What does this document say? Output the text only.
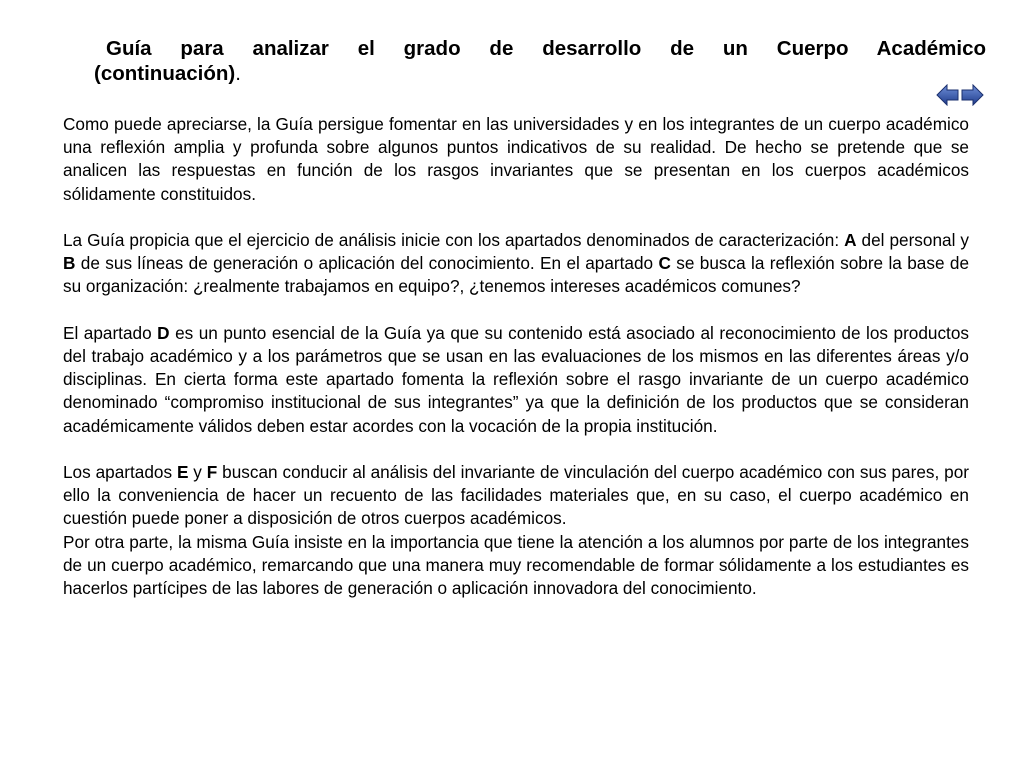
Guía para analizar el grado de desarrollo de un Cuerpo Académico
(continuación).

Como puede apreciarse, la Guía persigue fomentar en las universidades y en los integrantes de un cuerpo académico una reflexión amplia y profunda sobre algunos puntos indicativos de su realidad. De hecho se pretende que se analicen las respuestas en función de los rasgos invariantes que se presentan en los cuerpos académicos sólidamente constituidos.

La Guía propicia que el ejercicio de análisis inicie con los apartados denominados de caracterización: A del personal y B de sus líneas de generación o aplicación del conocimiento. En el apartado C se busca la reflexión sobre la base de su organización: ¿realmente trabajamos en equipo?, ¿tenemos intereses académicos comunes?

El apartado D es un punto esencial de la Guía ya que su contenido está asociado al reconocimiento de los productos del trabajo académico y a los parámetros que se usan en las evaluaciones de los mismos en las diferentes áreas y/o disciplinas. En cierta forma este apartado fomenta la reflexión sobre el rasgo invariante de un cuerpo académico denominado “compromiso institucional de sus integrantes” ya que la definición de los productos que se consideran académicamente válidos deben estar acordes con la vocación de la propia institución.

Los apartados E y F buscan conducir al análisis del invariante de vinculación del cuerpo académico con sus pares, por ello la conveniencia de hacer un recuento de las facilidades materiales que, en su caso, el cuerpo académico en cuestión puede poner a disposición de otros cuerpos académicos.

Por otra parte, la misma Guía insiste en la importancia que tiene la atención a los alumnos por parte de los integrantes de un cuerpo académico, remarcando que una manera muy recomendable de formar sólidamente a los estudiantes es hacerlos partícipes de las labores de generación o aplicación innovadora del conocimiento.
